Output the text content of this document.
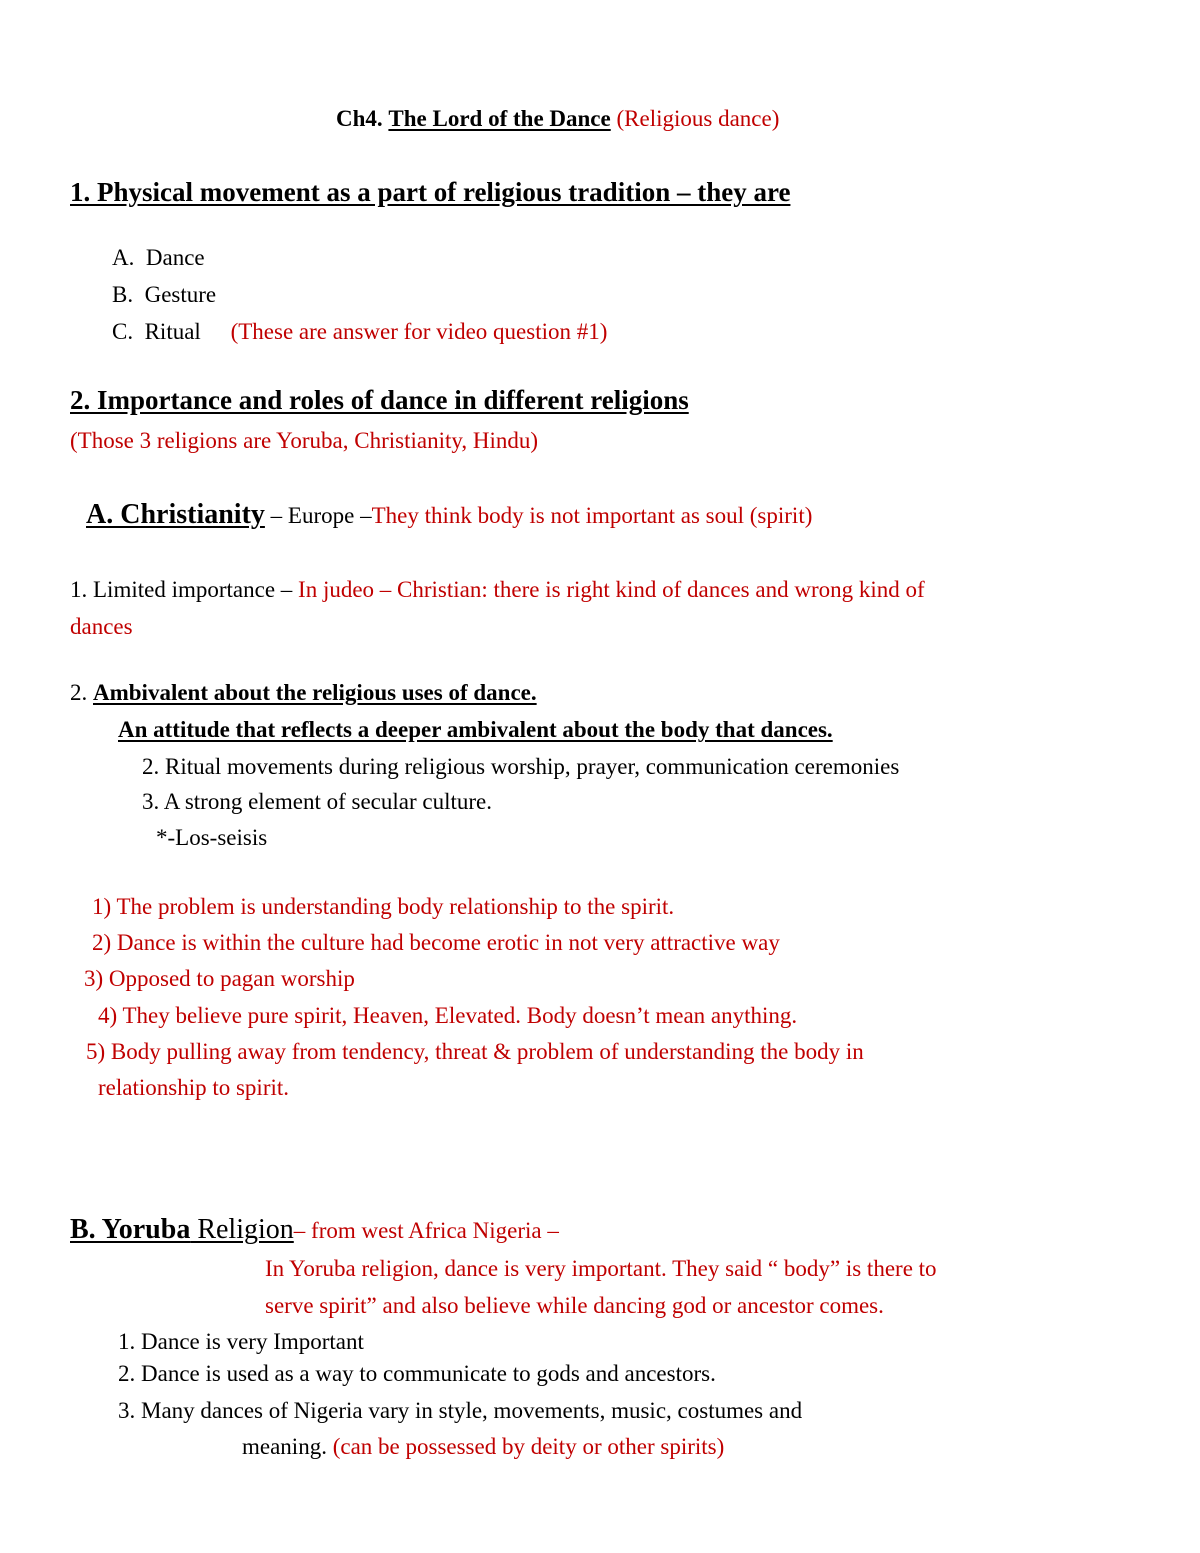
Ch4. The Lord of the Dance (Religious dance)
1. Physical movement as a part of religious tradition – they are
A. Dance
B. Gesture
C. Ritual (These are answer for video question #1)
2. Importance and roles of dance in different religions
(Those 3 religions are Yoruba, Christianity, Hindu)
A. Christianity – Europe –They think body is not important as soul (spirit)
1. Limited importance – In judeo – Christian: there is right kind of dances and wrong kind of
dances
2. Ambivalent about the religious uses of dance.
An attitude that reflects a deeper ambivalent about the body that dances.
2. Ritual movements during religious worship, prayer, communication ceremonies
3. A strong element of secular culture.
*-Los-seisis
1) The problem is understanding body relationship to the spirit.
2) Dance is within the culture had become erotic in not very attractive way
3) Opposed to pagan worship
4) They believe pure spirit, Heaven, Elevated. Body doesn’t mean anything.
5) Body pulling away from tendency, threat & problem of understanding the body in
relationship to spirit.
B. Yoruba Religion– from west Africa Nigeria –
In Yoruba religion, dance is very important. They said “ body” is there to
serve spirit” and also believe while dancing god or ancestor comes.
1. Dance is very Important
2. Dance is used as a way to communicate to gods and ancestors.
3. Many dances of Nigeria vary in style, movements, music, costumes and
meaning. (can be possessed by deity or other spirits)
